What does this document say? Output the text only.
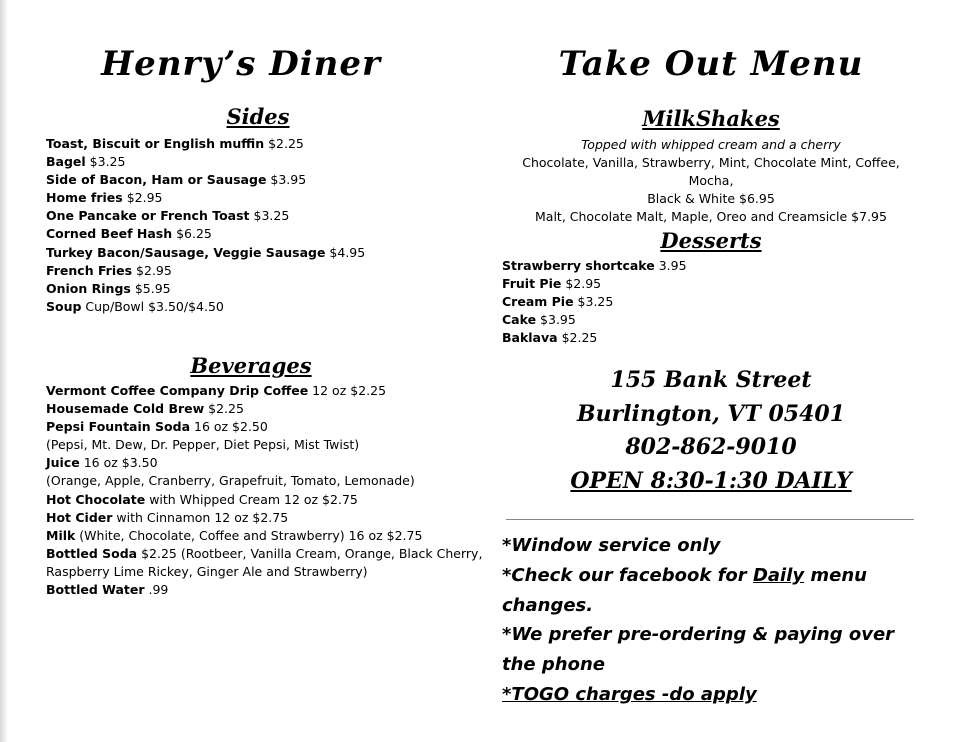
Henry’s Diner
Sides
Toast, Biscuit or English muffin $2.25
Bagel $3.25
Side of Bacon, Ham or Sausage $3.95
Home fries $2.95
One Pancake or French Toast $3.25
Corned Beef Hash $6.25
Turkey Bacon/Sausage, Veggie Sausage $4.95
French Fries $2.95
Onion Rings $5.95
Soup Cup/Bowl $3.50/$4.50
Beverages
Vermont Coffee Company Drip Coffee 12 oz $2.25
Housemade Cold Brew $2.25
Pepsi Fountain Soda 16 oz $2.50
(Pepsi, Mt. Dew, Dr. Pepper, Diet Pepsi, Mist Twist)
Juice 16 oz $3.50
(Orange, Apple, Cranberry, Grapefruit, Tomato, Lemonade)
Hot Chocolate with Whipped Cream 12 oz $2.75
Hot Cider with Cinnamon 12 oz $2.75
Milk (White, Chocolate, Coffee and Strawberry) 16 oz $2.75
Bottled Soda $2.25 (Rootbeer, Vanilla Cream, Orange, Black Cherry,
Raspberry Lime Rickey, Ginger Ale and Strawberry)
Bottled Water .99
Take Out Menu
MilkShakes
Topped with whipped cream and a cherry
Chocolate, Vanilla, Strawberry, Mint, Chocolate Mint, Coffee, Mocha,
Black & White $6.95
Malt, Chocolate Malt, Maple, Oreo and Creamsicle $7.95
Desserts
Strawberry shortcake 3.95
Fruit Pie $2.95
Cream Pie $3.25
Cake $3.95
Baklava $2.25
155 Bank Street
Burlington, VT 05401
802-862-9010
OPEN 8:30-1:30 DAILY
*Window service only
*Check our facebook for Daily menu changes.
*We prefer pre-ordering & paying over the phone
*TOGO charges -do apply
